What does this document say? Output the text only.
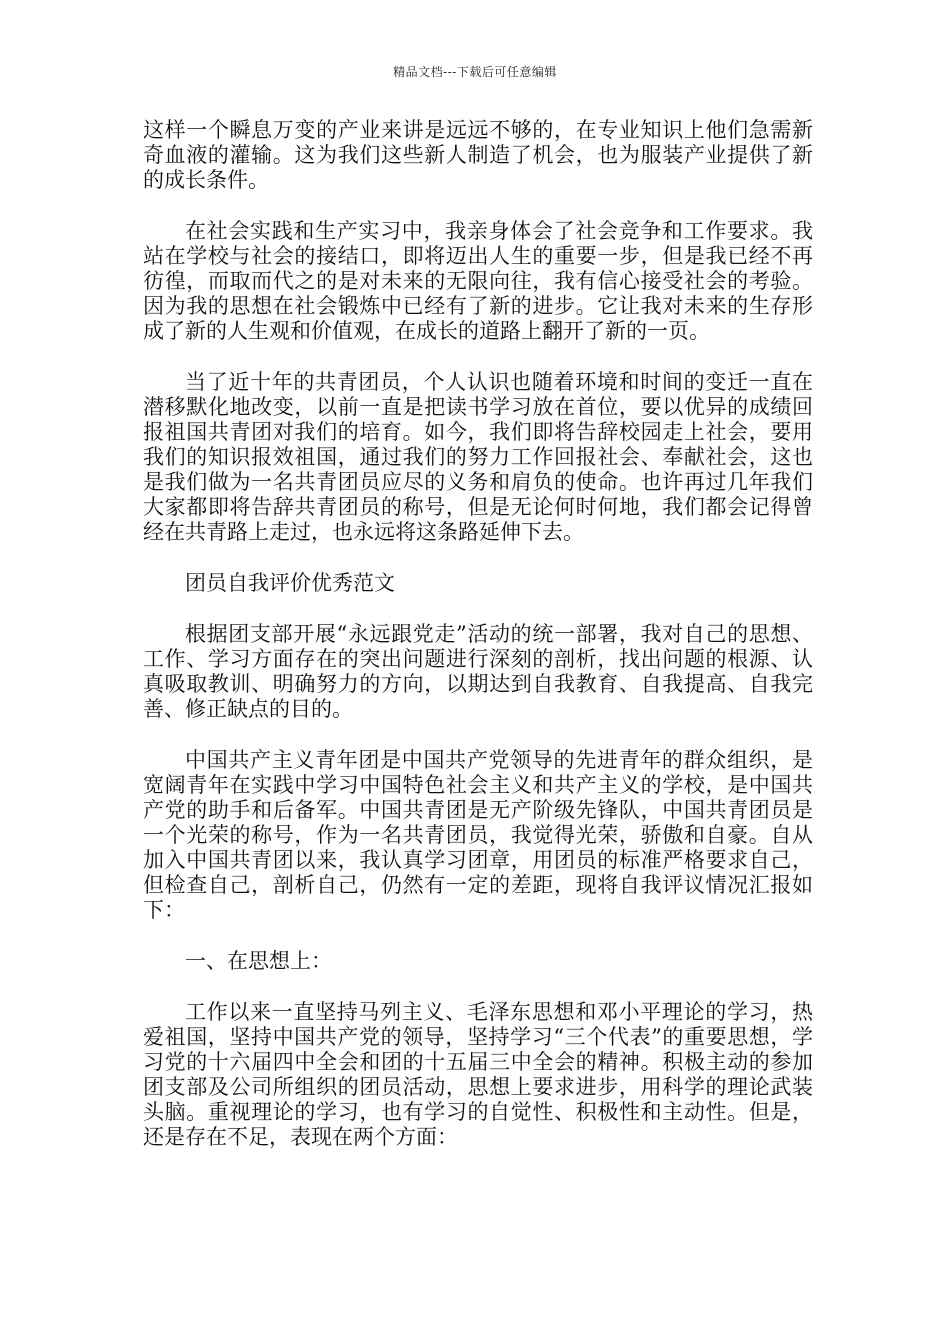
精品文档---下载后可任意编辑

这样一个瞬息万变的产业来讲是远远不够的，在专业知识上他们急需新奇血液的灌输。这为我们这些新人制造了机会，也为服装产业提供了新的成长条件。

在社会实践和生产实习中，我亲身体会了社会竞争和工作要求。我站在学校与社会的接结口，即将迈出人生的重要一步，但是我已经不再彷徨，而取而代之的是对未来的无限向往，我有信心接受社会的考验。因为我的思想在社会锻炼中已经有了新的进步。它让我对未来的生存形成了新的人生观和价值观，在成长的道路上翻开了新的一页。

当了近十年的共青团员，个人认识也随着环境和时间的变迁一直在潜移默化地改变，以前一直是把读书学习放在首位，要以优异的成绩回报祖国共青团对我们的培育。如今，我们即将告辞校园走上社会，要用我们的知识报效祖国，通过我们的努力工作回报社会、奉献社会，这也是我们做为一名共青团员应尽的义务和肩负的使命。也许再过几年我们大家都即将告辞共青团员的称号，但是无论何时何地，我们都会记得曾经在共青路上走过，也永远将这条路延伸下去。

团员自我评价优秀范文

根据团支部开展“永远跟党走”活动的统一部署，我对自己的思想、工作、学习方面存在的突出问题进行深刻的剖析，找出问题的根源、认真吸取教训、明确努力的方向，以期达到自我教育、自我提高、自我完善、修正缺点的目的。

中国共产主义青年团是中国共产党领导的先进青年的群众组织，是宽阔青年在实践中学习中国特色社会主义和共产主义的学校，是中国共产党的助手和后备军。中国共青团是无产阶级先锋队，中国共青团员是一个光荣的称号，作为一名共青团员，我觉得光荣，骄傲和自豪。自从加入中国共青团以来，我认真学习团章，用团员的标准严格要求自己，但检查自己，剖析自己，仍然有一定的差距，现将自我评议情况汇报如下：

一、在思想上：

工作以来一直坚持马列主义、毛泽东思想和邓小平理论的学习，热爱祖国，坚持中国共产党的领导，坚持学习“三个代表”的重要思想，学习党的十六届四中全会和团的十五届三中全会的精神。积极主动的参加团支部及公司所组织的团员活动，思想上要求进步，用科学的理论武装头脑。重视理论的学习，也有学习的自觉性、积极性和主动性。但是，还是存在不足，表现在两个方面：
